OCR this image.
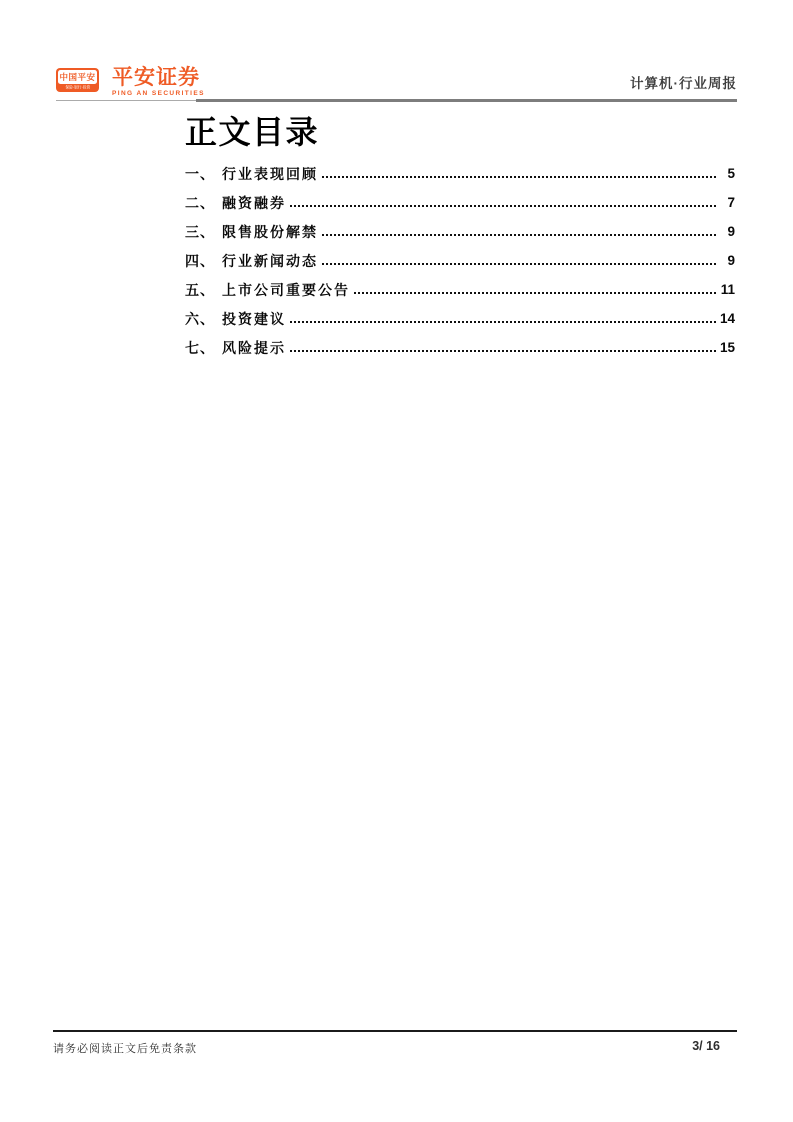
中国平安
保险·银行·投资 平安证券
PING AN SECURITIES
计算机·行业周报
正文目录
一、 行业表现回顾	5
二、 融资融券	7
三、 限售股份解禁	9
四、 行业新闻动态	9
五、 上市公司重要公告	11
六、 投资建议	14
七、 风险提示	15
请务必阅读正文后免责条款	3/ 16
